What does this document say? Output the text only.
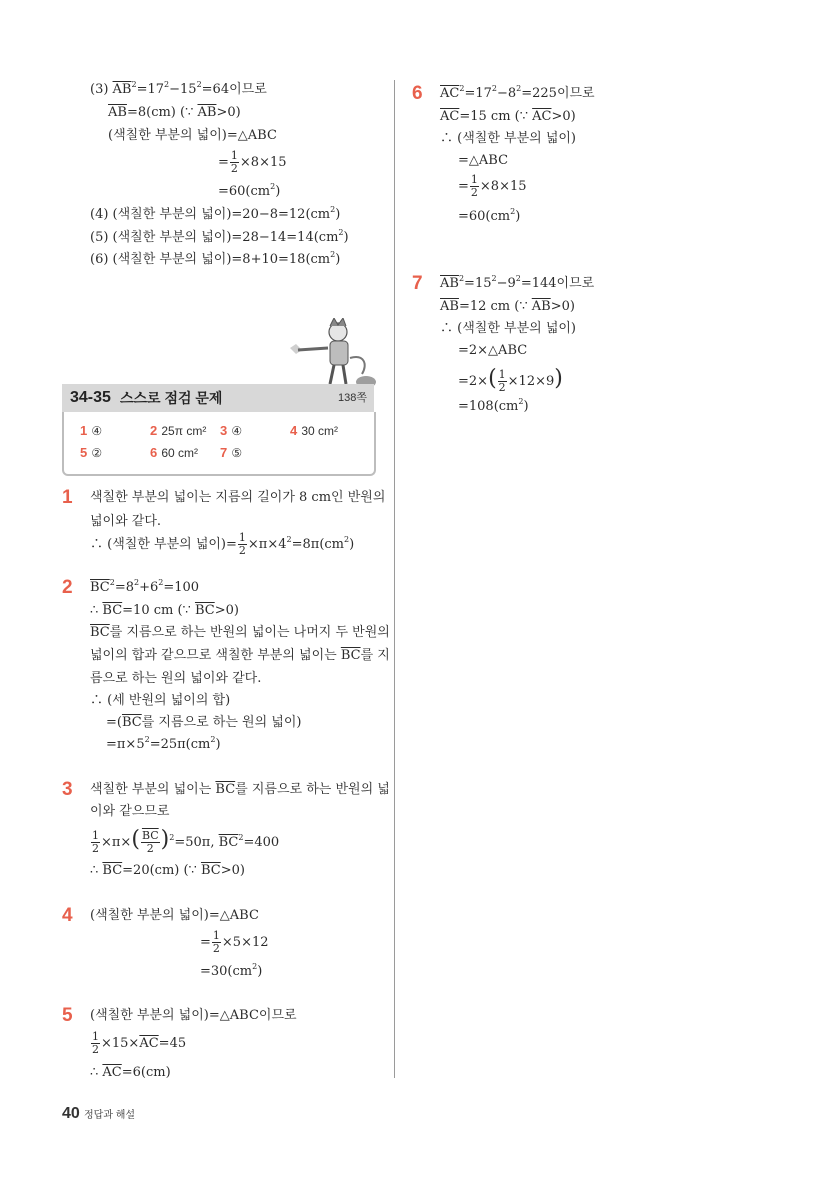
(3) $\overline{AB}^2=17^2-15^2=64$이므로
$\overline{AB}=8(cm)$ (∵ $\overline{AB}>0$)
(색칠한 부분의 넓이)=△ABC
= $\frac{1}{2} \times 8\times 15$
$=60(cm^2)$
(4) (색칠한 부분의 넓이)$=20-8=12(cm^2)$
(5) (색칠한 부분의 넓이)$=28-14=14(cm^2)$
(6) (색칠한 부분의 넓이)$=8+10=18(cm^2)$
34-35 스스로 점검 문제	138쪽
1 ④	2 25π cm² 3 ④	4 30 cm²
5 ②	6 60 cm² 7 ⑤
1 색칠한 부분의 넓이는 지름의 길이가 8 cm인 반원의
넓이와 같다.
∴ (색칠한 부분의 넓이)= $\frac{1}{2} \times\pi\times 4^2=8\pi(cm^2)$
2 $\overline{BC}^2=8^2+6^2=100$
∴ $\overline{BC}=10$ cm (∵ $\overline{BC}>0$)
$\overline{BC}$를 지름으로 하는 반원의 넓이는 나머지 두 반원의
넓이의 합과 같으므로 색칠한 부분의 넓이는 $\overline{BC}$를 지
름으로 하는 원의 넓이와 같다.
∴ (세 반원의 넓이의 합)
$=(\overline{BC}$를 지름으로 하는 원의 넓이)
$=\pi\times 5^2=25\pi(cm^2)$
3 색칠한 부분의 넓이는 $\overline{BC}$를 지름으로 하는 반원의 넓
이와 같으므로
$\frac{1}{2} \times\pi\times( \frac{\overline{BC}}{2} )^2=50\pi$, $\overline{BC}^2=400$
∴ $\overline{BC}=20(cm)$ (∵ $\overline{BC}>0$)
4 (색칠한 부분의 넓이)=△ABC
= $\frac{1}{2} \times 5\times 12$
$=30(cm^2)$
5 (색칠한 부분의 넓이)=△ABC이므로
$\frac{1}{2} \times 15\times\overline{AC}=45$
∴ $\overline{AC}=6(cm)$
6 $\overline{AC}^2=17^2-8^2=225$이므로
$\overline{AC}=15$ cm (∵ $\overline{AC}>0$)
∴ (색칠한 부분의 넓이)
=△ABC
= $\frac{1}{2} \times 8\times 15$
$=60(cm^2)$
7 $\overline{AB}^2=15^2-9^2=144$이므로
$\overline{AB}=12$ cm (∵ $\overline{AB}>0$)
∴ (색칠한 부분의 넓이)
=2×△ABC
$=2\times( \frac{1}{2} \times 12\times 9)$
$=108(cm^2)$
40 정답과 해설
